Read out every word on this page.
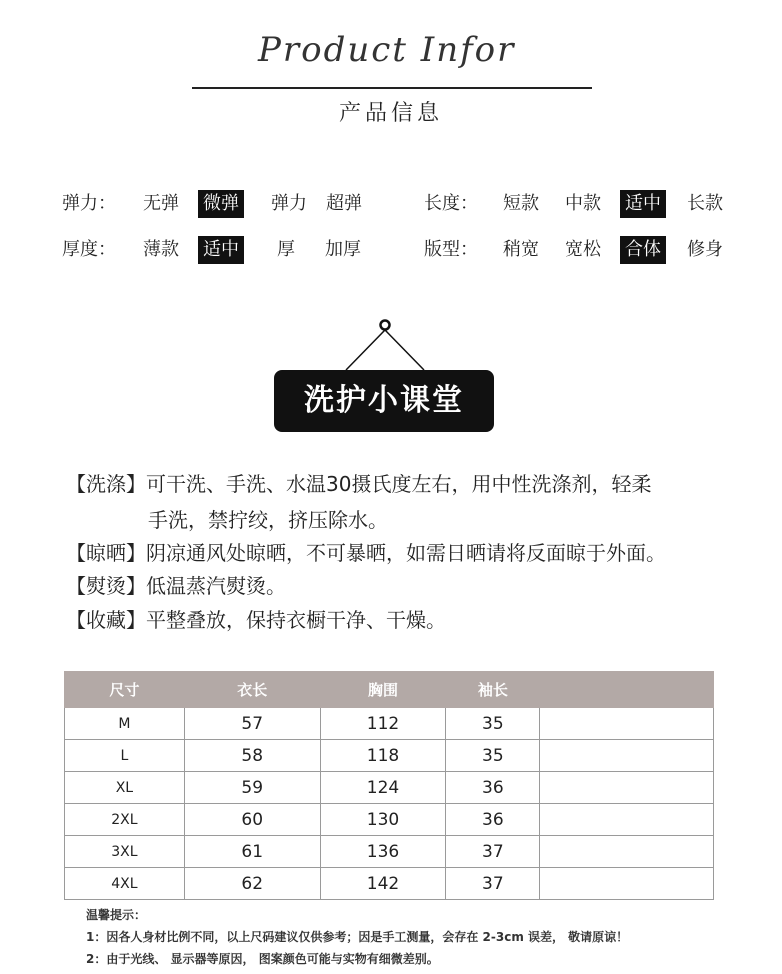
Product Infor
产品信息
弹力： 无弹 微弹 弹力 超弹	长度： 短款 中款 适中 长款
厚度： 薄款 适中 厚 加厚	版型： 稍宽 宽松 合体 修身
洗护小课堂
【洗涤】可干洗、手洗、水温30摄氏度左右，用中性洗涤剂，轻柔
手洗，禁拧绞，挤压除水。
【晾晒】阴凉通风处晾晒，不可暴晒，如需日晒请将反面晾于外面。
【熨烫】低温蒸汽熨烫。
【收藏】平整叠放，保持衣橱干净、干燥。
尺寸	衣长	胸围	袖长	
M	57	112	35	
L	58	118	35	
XL	59	124	36	
2XL	60	130	36	
3XL	61	136	37	
4XL	62	142	37	
温馨提示：
1：因各人身材比例不同，以上尺码建议仅供参考；因是手工测量，会存在 2-3cm 误差， 敬请原谅！
2：由于光线、 显示器等原因， 图案颜色可能与实物有细微差别。
